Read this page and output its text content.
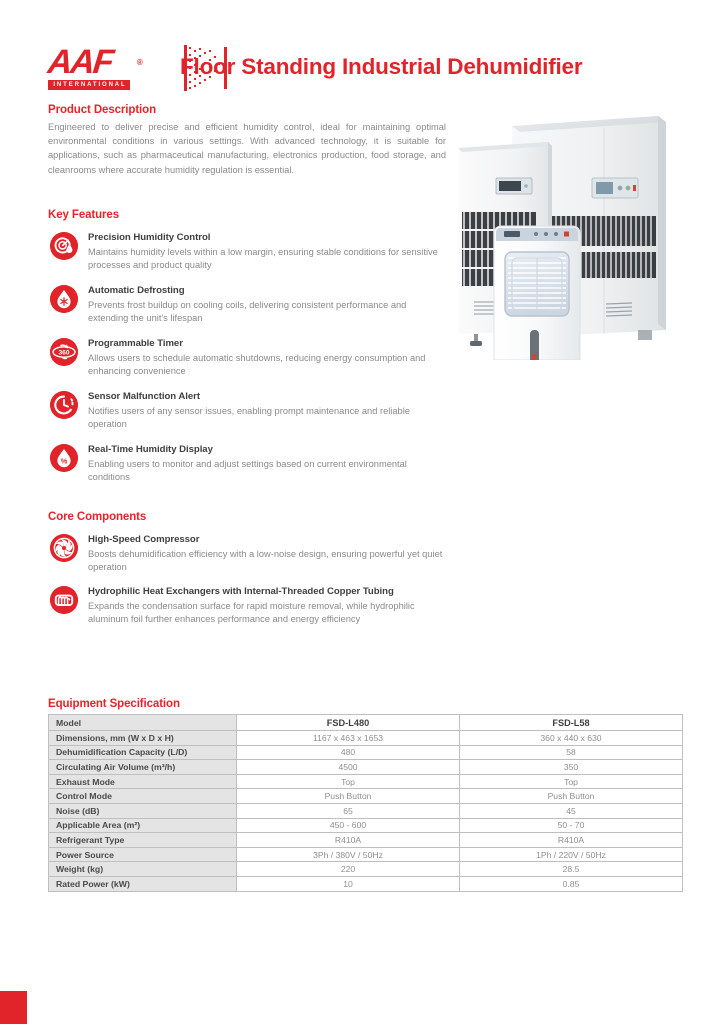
AAF	®
INTERNATIONAL
Floor Standing Industrial Dehumidifier
Product Description
Engineered to deliver precise and efficient humidity control, ideal for maintaining optimal environmental conditions in various settings. With advanced technology, it is suitable for applications, such as pharmaceutical manufacturing, electronics production, food storage, and cleanrooms where accurate humidity regulation is essential.
Key Features
Precision Humidity Control
Maintains humidity levels within a low margin, ensuring stable conditions for sensitive processes and product quality
Automatic Defrosting
Prevents frost buildup on cooling coils, delivering consistent performance and extending the unit's lifespan
360
Programmable Timer
Allows users to schedule automatic shutdowns, reducing energy consumption and enhancing convenience
Sensor Malfunction Alert
Notifies users of any sensor issues, enabling prompt maintenance and reliable operation
%
Real-Time Humidity Display
Enabling users to monitor and adjust settings based on current environmental conditions
Core Components
High-Speed Compressor
Boosts dehumidification efficiency with a low-noise design, ensuring powerful yet quiet operation
Hydrophilic Heat Exchangers with Internal-Threaded Copper Tubing
Expands the condensation surface for rapid moisture removal, while hydrophilic aluminum foil further enhances performance and energy efficiency
Equipment Specification
Model	FSD-L480	FSD-L58
Dimensions, mm (W x D x H)	1167 x 463 x 1653	360 x 440 x 630
Dehumidification Capacity (L/D)	480	58
Circulating Air Volume (m³/h)	4500	350
Exhaust Mode	Top	Top
Control Mode	Push Button	Push Button
Noise (dB)	65	45
Applicable Area (m²)	450 - 600	50 - 70
Refrigerant Type	R410A	R410A
Power Source	3Ph / 380V / 50Hz	1Ph / 220V / 50Hz
Weight (kg)	220	28.5
Rated Power (kW)	10	0.85
